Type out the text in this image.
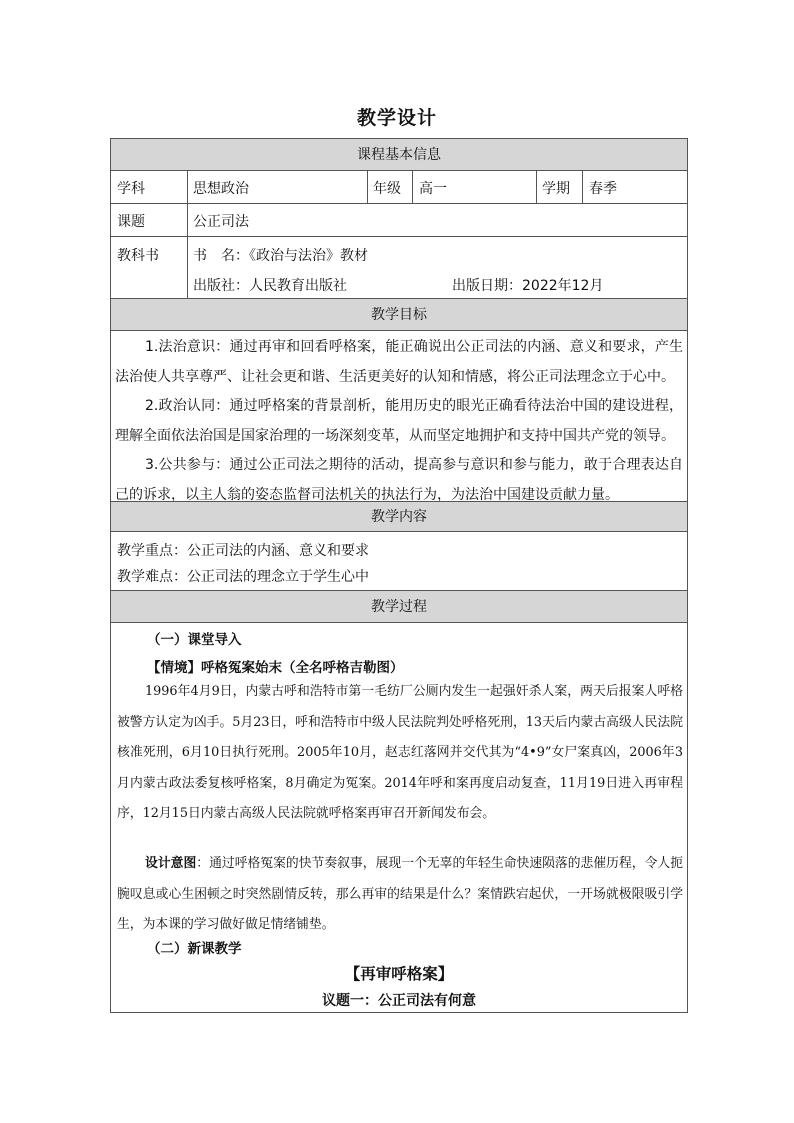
教学设计
课程基本信息
学科	思想政治	年级 高一	学期 春季
课题	公正司法
教科书 书　名：《政治与法治》教材
出版社：人民教育出版社	出版日期：2022年12月
教学目标

1.法治意识：通过再审和回看呼格案，能正确说出公正司法的内涵、意义和要求，产生法治使人共享尊严、让社会更和谐、生活更美好的认知和情感，将公正司法理念立于心中。

2.政治认同：通过呼格案的背景剖析，能用历史的眼光正确看待法治中国的建设进程，理解全面依法治国是国家治理的一场深刻变革，从而坚定地拥护和支持中国共产党的领导。

3.公共参与：通过公正司法之期待的活动，提高参与意识和参与能力，敢于合理表达自己的诉求，以主人翁的姿态监督司法机关的执法行为，为法治中国建设贡献力量。

教学内容
教学重点：公正司法的内涵、意义和要求
教学难点：公正司法的理念立于学生心中
教学过程
（一）课堂导入
【情境】呼格冤案始末（全名呼格吉勒图）

1996年4月9日，内蒙古呼和浩特市第一毛纺厂公厕内发生一起强奸杀人案，两天后报案人呼格被警方认定为凶手。5月23日，呼和浩特市中级人民法院判处呼格死刑，13天后内蒙古高级人民法院核准死刑，6月10日执行死刑。2005年10月，赵志红落网并交代其为“4•9”女尸案真凶，2006年3月内蒙古政法委复核呼格案，8月确定为冤案。2014年呼和案再度启动复查，11月19日进入再审程序，12月15日内蒙古高级人民法院就呼格案再审召开新闻发布会。

设计意图：通过呼格冤案的快节奏叙事，展现一个无辜的年轻生命快速陨落的悲催历程，令人扼腕叹息或心生困顿之时突然剧情反转，那么再审的结果是什么？案情跌宕起伏，一开场就极限吸引学生，为本课的学习做好做足情绪铺垫。

（二）新课教学
【再审呼格案】
议题一：公正司法有何意
